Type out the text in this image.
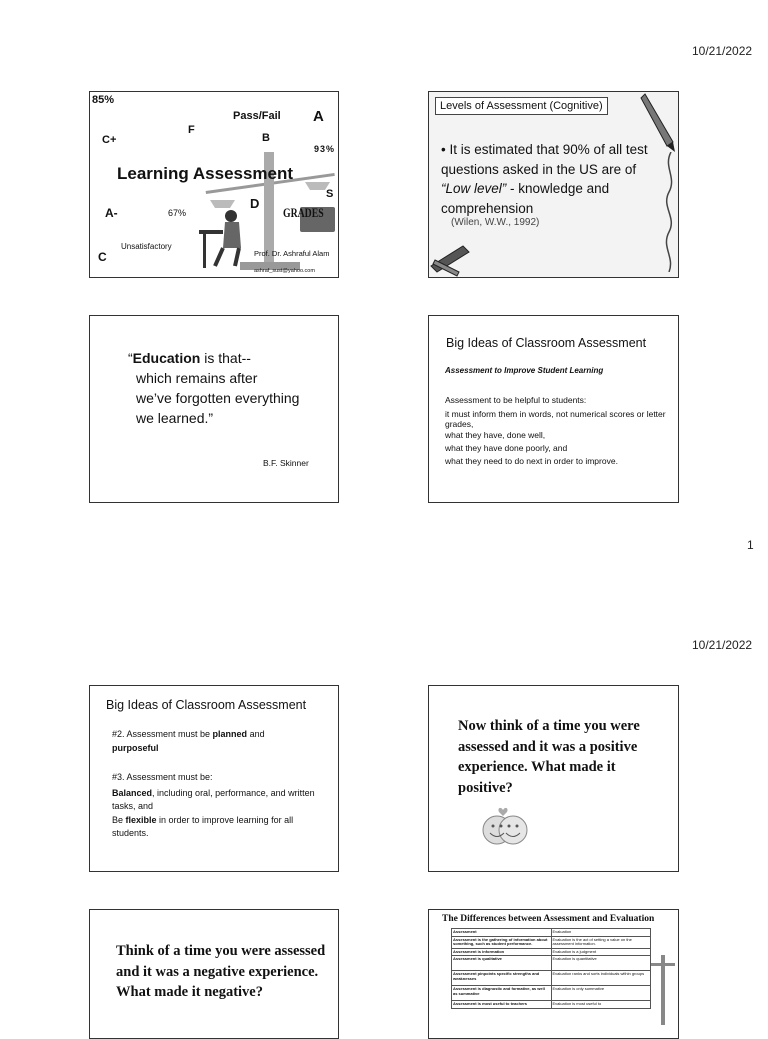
10/21/2022
85%
Pass/Fail A
C+
F
B
93%
Learning Assessment
S
D
GRADES
A-	67%
Unsatisfactory
C	Prof. Dr. Ashraful Alam
ashraf_sust@yahoo.com
Levels of Assessment (Cognitive)
• It is estimated that 90% of all test questions asked in the US are of “Low level” - knowledge and comprehension
(Wilen, W.W., 1992)
“Education is that--
which remains after
we’ve forgotten everything
we learned.”
B.F. Skinner
Big Ideas of Classroom Assessment
Assessment to Improve Student Learning
Assessment to be helpful to students:
it must inform them in words, not numerical scores or letter grades,
what they have, done well,
what they have done poorly, and
what they need to do next in order to improve.
1
10/21/2022
Big Ideas of Classroom Assessment
#2. Assessment must be planned and
purposeful
#3. Assessment must be:
Balanced, including oral, performance, and written tasks, and
Be flexible in order to improve learning for all students.
Now think of a time you were assessed and it was a positive experience. What made it positive?
Think of a time you were assessed and it was a negative experience. What made it negative?
The Differences between Assessment and Evaluation
Assessment	Evaluation
Assessment is the gathering of information about something, such as student performance.	Evaluation is the act of setting a value on the assessment information.
Assessment is information	Evaluation is a judgment
Assessment is qualitative	Evaluation is quantitative
Assessment pinpoints specific strengths and weaknesses	Evaluation ranks and sorts individuals within groups
Assessment is diagnostic and formative, as well as summative	Evaluation is only summative
Assessment is most useful to teachers	Evaluation is most useful to
